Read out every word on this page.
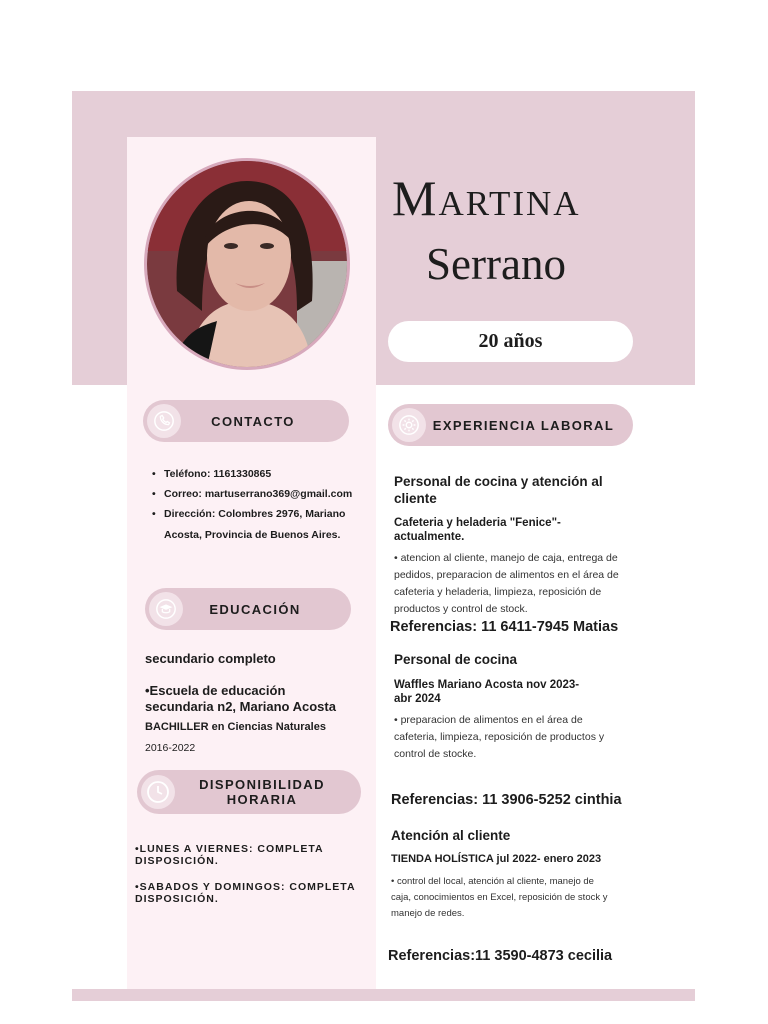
Martina
Serrano
20 años
CONTACTO
• Teléfono: 1161330865
• Correo: martuserrano369@gmail.com
• Dirección: Colombres 2976, Mariano
Acosta, Provincia de Buenos Aires.
EDUCACIÓN
secundario completo
•Escuela de educación
secundaria n2, Mariano Acosta
BACHILLER en Ciencias Naturales
2016-2022
DISPONIBILIDAD
HORARIA
•LUNES A VIERNES: COMPLETA
DISPOSICIÓN.
•SABADOS Y DOMINGOS: COMPLETA
DISPOSICIÓN.
EXPERIENCIA LABORAL
Personal de cocina y atención al
cliente
Cafeteria y heladeria "Fenice"-
actualmente.
• atencion al cliente, manejo de caja, entrega de
pedidos, preparacion de alimentos en el área de
cafeteria y heladeria, limpieza, reposición de
productos y control de stock.
Referencias: 11 6411-7945 Matias
Personal de cocina
Waffles Mariano Acosta nov 2023-
abr 2024
• preparacion de alimentos en el área de
cafeteria, limpieza, reposición de productos y
control de stocke.
Referencias: 11 3906-5252 cinthia
Atención al cliente
TIENDA HOLÍSTICA jul 2022- enero 2023
• control del local, atención al cliente, manejo de
caja, conocimientos en Excel, reposición de stock y
manejo de redes.
Referencias:11 3590-4873 cecilia
